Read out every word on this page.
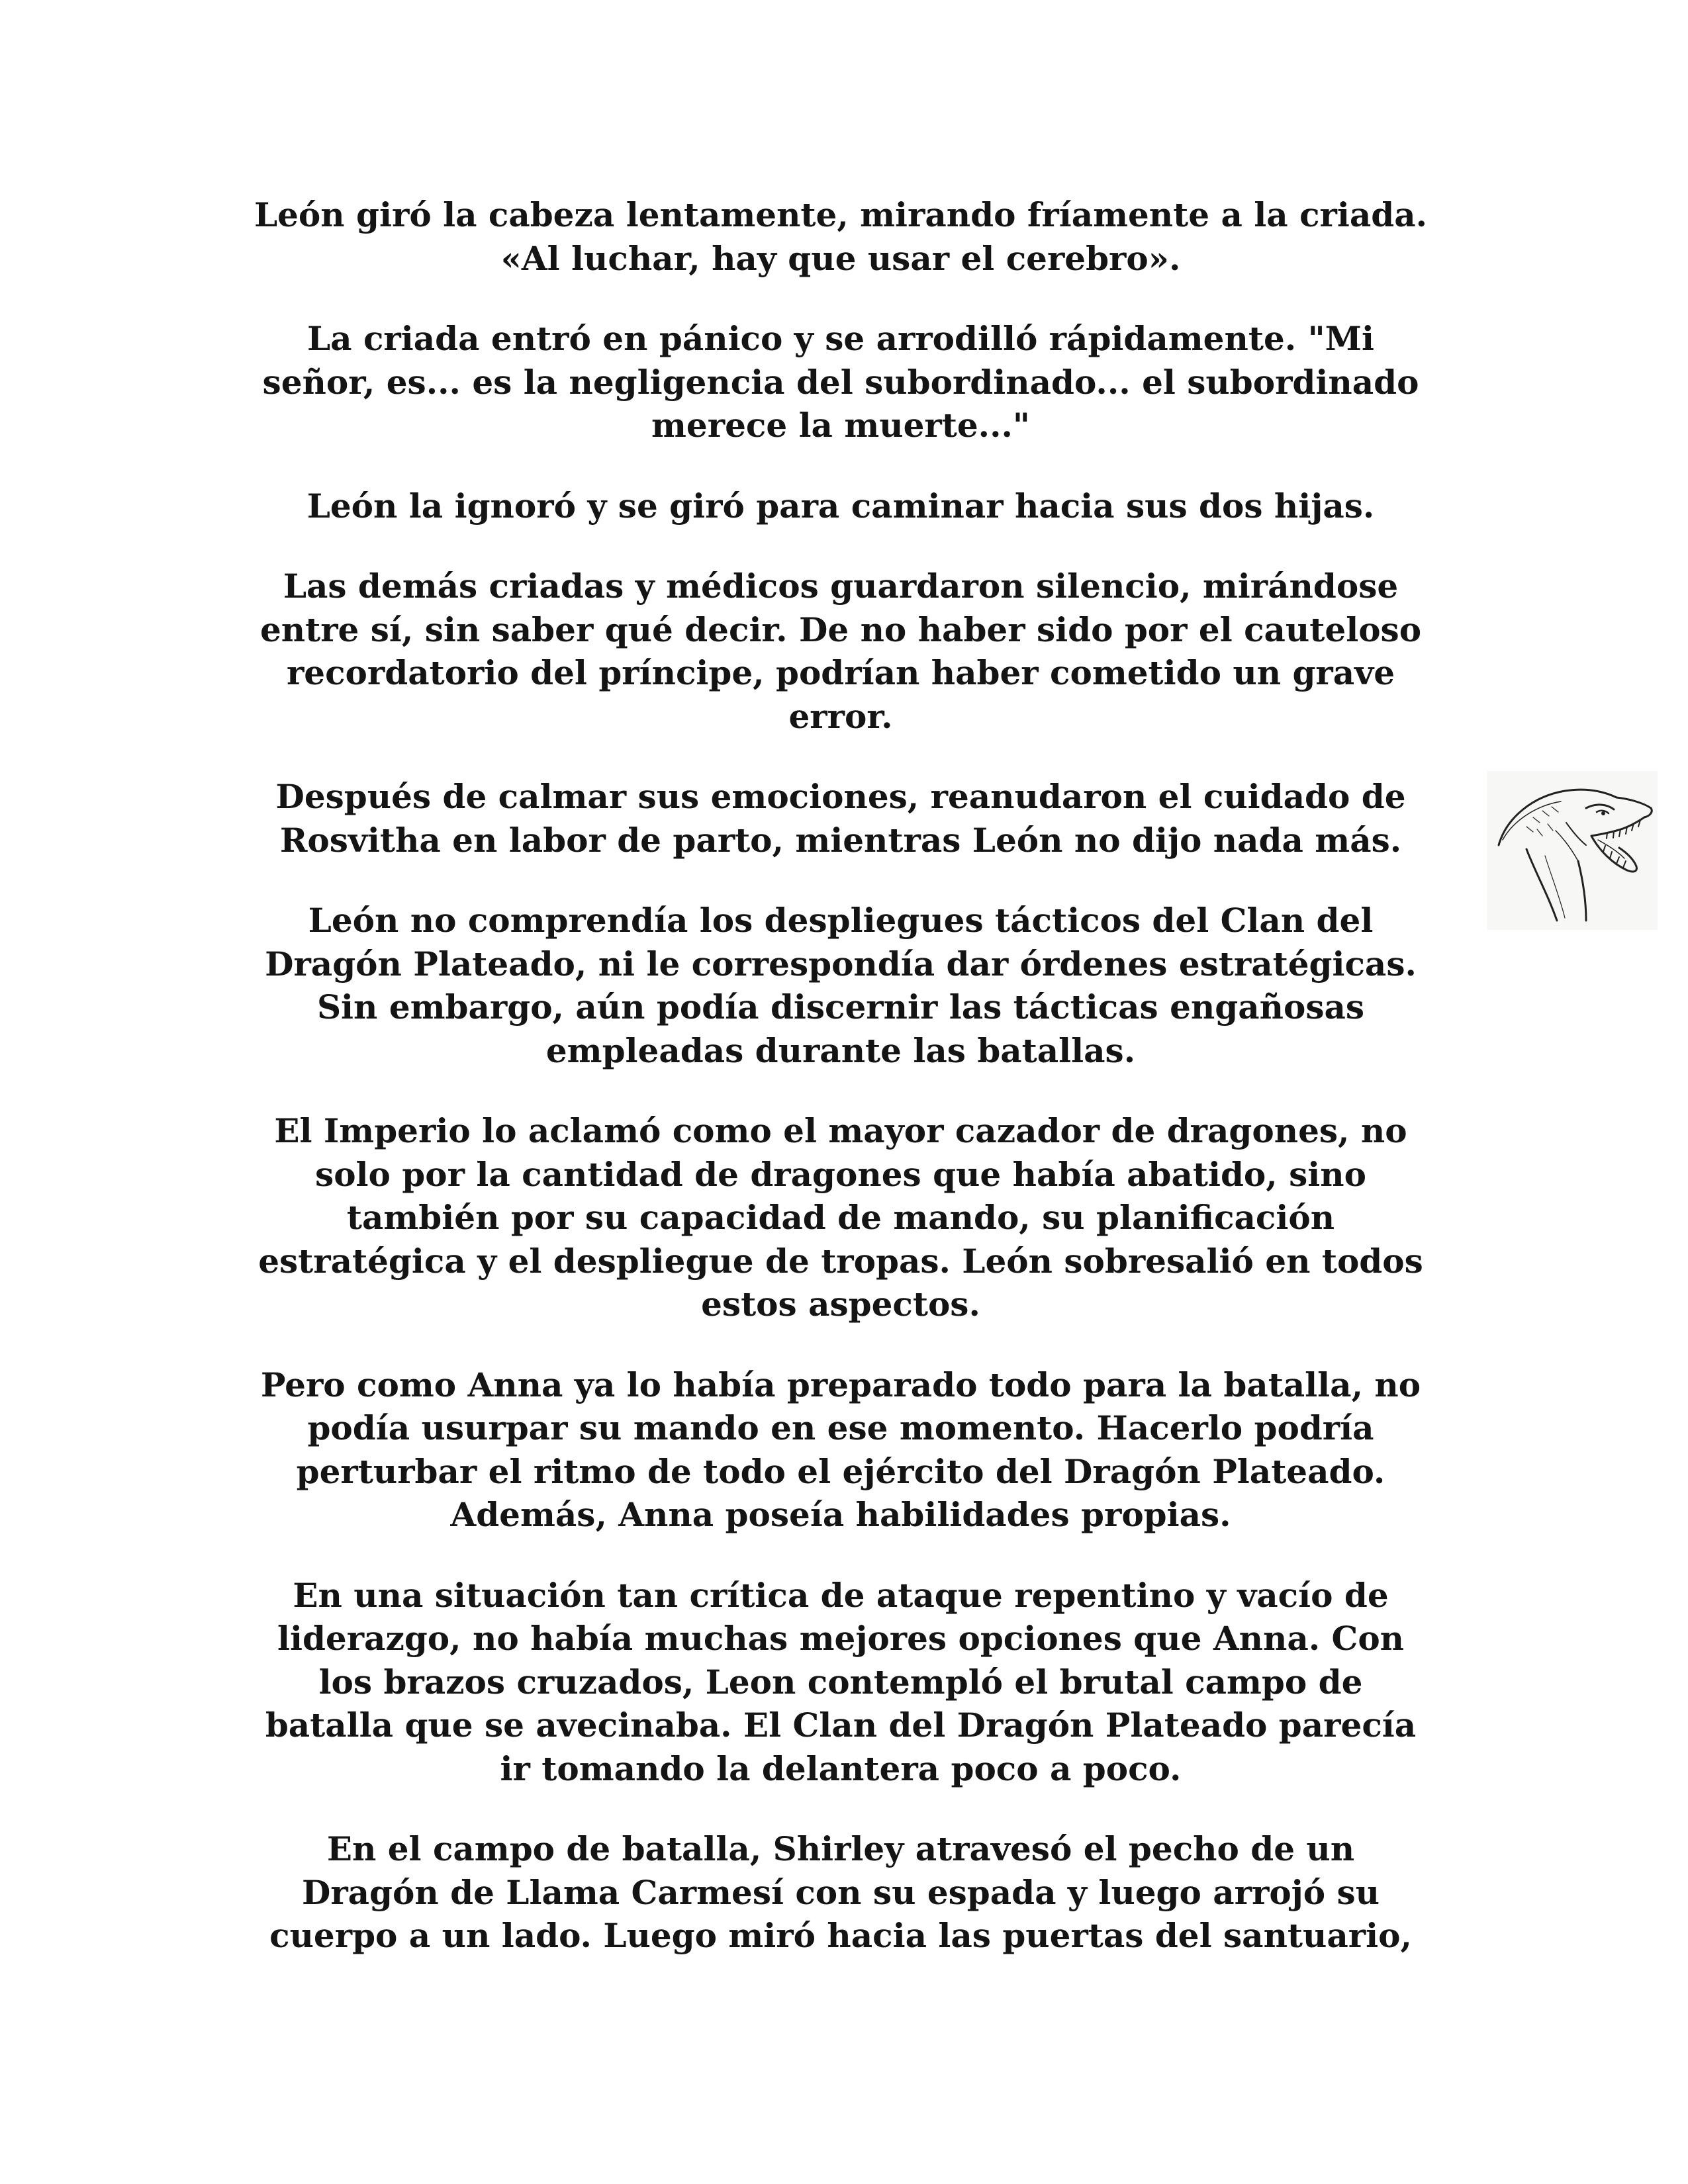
León giró la cabeza lentamente, mirando fríamente a la criada.
«Al luchar, hay que usar el cerebro».

La criada entró en pánico y se arrodilló rápidamente. "Mi
señor, es... es la negligencia del subordinado... el subordinado
merece la muerte..."

León la ignoró y se giró para caminar hacia sus dos hijas.

Las demás criadas y médicos guardaron silencio, mirándose
entre sí, sin saber qué decir. De no haber sido por el cauteloso
recordatorio del príncipe, podrían haber cometido un grave
error.

Después de calmar sus emociones, reanudaron el cuidado de
Rosvitha en labor de parto, mientras León no dijo nada más.

León no comprendía los despliegues tácticos del Clan del
Dragón Plateado, ni le correspondía dar órdenes estratégicas.
Sin embargo, aún podía discernir las tácticas engañosas
empleadas durante las batallas.

El Imperio lo aclamó como el mayor cazador de dragones, no
solo por la cantidad de dragones que había abatido, sino
también por su capacidad de mando, su planificación
estratégica y el despliegue de tropas. León sobresalió en todos
estos aspectos.

Pero como Anna ya lo había preparado todo para la batalla, no
podía usurpar su mando en ese momento. Hacerlo podría
perturbar el ritmo de todo el ejército del Dragón Plateado.
Además, Anna poseía habilidades propias.

En una situación tan crítica de ataque repentino y vacío de
liderazgo, no había muchas mejores opciones que Anna. Con
los brazos cruzados, Leon contempló el brutal campo de
batalla que se avecinaba. El Clan del Dragón Plateado parecía
ir tomando la delantera poco a poco.

En el campo de batalla, Shirley atravesó el pecho de un
Dragón de Llama Carmesí con su espada y luego arrojó su
cuerpo a un lado. Luego miró hacia las puertas del santuario,
